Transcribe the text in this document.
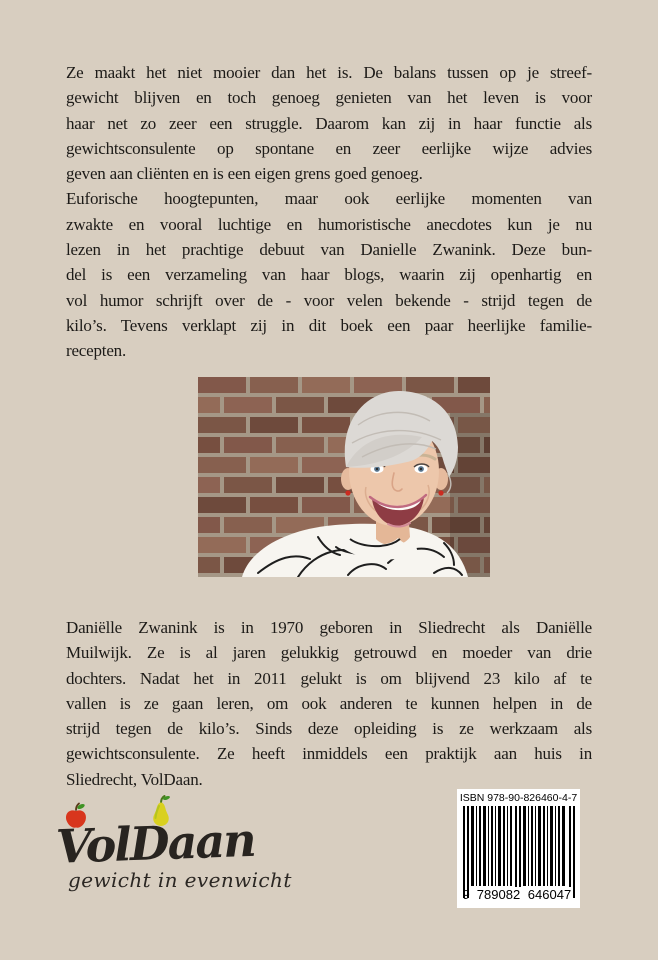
Ze maakt het niet mooier dan het is. De balans tussen op je streef-
gewicht blijven en toch genoeg genieten van het leven is voor
haar net zo zeer een struggle. Daarom kan zij in haar functie als
gewichtsconsulente op spontane en zeer eerlijke wijze advies
geven aan cliënten en is een eigen grens goed genoeg.
Euforische hoogtepunten, maar ook eerlijke momenten van
zwakte en vooral luchtige en humoristische anecdotes kun je nu
lezen in het prachtige debuut van Danielle Zwanink. Deze bun-
del is een verzameling van haar blogs, waarin zij openhartig en
vol humor schrijft over de - voor velen bekende - strijd tegen de
kilo’s. Tevens verklapt zij in dit boek een paar heerlijke familie-
recepten.
Daniëlle Zwanink is in 1970 geboren in Sliedrecht als Daniëlle
Muilwijk. Ze is al jaren gelukkig getrouwd en moeder van drie
dochters. Nadat het in 2011 gelukt is om blijvend 23 kilo af te
vallen is ze gaan leren, om ook anderen te kunnen helpen in de
strijd tegen de kilo’s. Sinds deze opleiding is ze werkzaam als
gewichtsconsulente. Ze heeft inmiddels een praktijk aan huis in
Sliedrecht, VolDaan.
VolDaan
gewicht in evenwicht
ISBN 978-90-826460-4-7
9 789082 646047
